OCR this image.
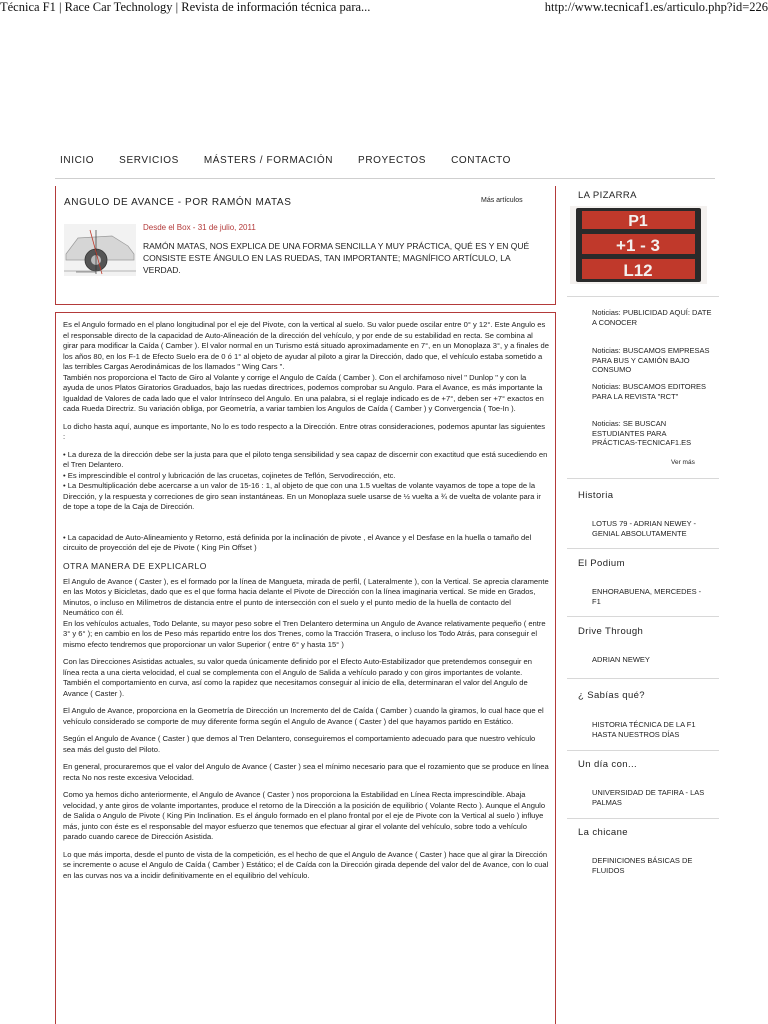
Técnica F1 | Race Car Technology | Revista de información técnica para...	http://www.tecnicaf1.es/articulo.php?id=226
INICIO	SERVICIOS	MÁSTERS / FORMACIÓN	PROYECTOS	CONTACTO
ANGULO DE AVANCE - POR RAMÓN MATAS	Más artículos
Desde el Box - 31 de julio, 2011
RAMÓN MATAS, NOS EXPLICA DE UNA FORMA SENCILLA Y MUY PRÁCTICA, QUÉ ES Y EN QUÉ CONSISTE ESTE ÁNGULO EN LAS RUEDAS, TAN IMPORTANTE; MAGNÍFICO ARTÍCULO, LA VERDAD.

Es el Angulo formado en el plano longitudinal por el eje del Pivote, con la vertical al suelo. Su valor puede oscilar entre 0° y 12°. Este Angulo es el responsable directo de la capacidad de Auto-Alineación de la dirección del vehículo, y por ende de su estabilidad en recta. Se combina al girar para modificar la Caída ( Camber ). El valor normal en un Turismo está situado aproximadamente en 7°, en un Monoplaza 3°, y a finales de los años 80, en los F-1 de Efecto Suelo era de 0 ó 1° al objeto de ayudar al piloto a girar la Dirección, dado que, el vehículo estaba sometido a las terribles Cargas Aerodinámicas de los llamados " Wing Cars ".

También nos proporciona el Tacto de Giro al Volante y corrige el Angulo de Caída ( Camber ). Con el archifamoso nivel " Dunlop " y con la ayuda de unos Platos Giratorios Graduados, bajo las ruedas directrices, podemos comprobar su Angulo. Para el Avance, es más importante la Igualdad de Valores de cada lado que el valor Intrínseco del Angulo. En una palabra, si el reglaje indicado es de +7°, deben ser +7° exactos en cada Rueda Directriz. Su variación obliga, por Geometría, a variar tambien los Angulos de Caída ( Camber ) y Convergencia ( Toe-In ).

Lo dicho hasta aquí, aunque es importante, No lo es todo respecto a la Dirección. Entre otras consideraciones, podemos apuntar las siguientes :

• La dureza de la dirección debe ser la justa para que el piloto tenga sensibilidad y sea capaz de discernir con exactitud que está sucediendo en el Tren Delantero.

• Es imprescindible el control y lubricación de las crucetas, cojinetes de Teflón, Servodirección, etc.

• La Desmultiplicación debe acercarse a un valor de 15-16 : 1, al objeto de que con una 1.5 vueltas de volante vayamos de tope a tope de la Dirección, y la respuesta y correciones de giro sean instantáneas. En un Monoplaza suele usarse de ½ vuelta a ¾ de vuelta de volante para ir de tope a tope de la Caja de Dirección.

• La capacidad de Auto-Alineamiento y Retorno, está definida por la inclinación de pivote , el Avance y el Desfase en la huella o tamaño del circuito de proyección del eje de Pivote ( King Pin Offset )

OTRA MANERA DE EXPLICARLO

El Angulo de Avance ( Caster ), es el formado por la línea de Mangueta, mirada de perfil, ( Lateralmente ), con la Vertical. Se aprecia claramente en las Motos y Bicicletas, dado que es el que forma hacia delante el Pivote de Dirección con la línea imaginaria vertical. Se mide en Grados, Minutos, o incluso en Milímetros de distancia entre el punto de intersección con el suelo y el punto medio de la huella de contacto del Neumático con él.

En los vehículos actuales, Todo Delante, su mayor peso sobre el Tren Delantero determina un Angulo de Avance relativamente pequeño ( entre 3° y 6° ); en cambio en los de Peso más repartido entre los dos Trenes, como la Tracción Trasera, o incluso los Todo Atrás, para conseguir el mismo efecto tendremos que proporcionar un valor Superior ( entre 6° y hasta 15° )

Con las Direcciones Asistidas actuales, su valor queda únicamente definido por el Efecto Auto-Estabilizador que pretendemos conseguir en línea recta a una cierta velocidad, el cual se complementa con el Angulo de Salida a vehículo parado y con giros importantes de volante. También el comportamiento en curva, así como la rapidez que necesitamos conseguir al inicio de ella, determinaran el valor del Angulo de Avance ( Caster ).

El Angulo de Avance, proporciona en la Geometría de Dirección un Incremento del de Caída ( Camber ) cuando la giramos, lo cual hace que el vehículo considerado se comporte de muy diferente forma según el Angulo de Avance ( Caster ) del que hayamos partido en Estático.

Según el Angulo de Avance ( Caster ) que demos al Tren Delantero, conseguiremos el comportamiento adecuado para que nuestro vehículo sea más del gusto del Piloto.

En general, procuraremos que el valor del Angulo de Avance ( Caster ) sea el mínimo necesario para que el rozamiento que se produce en línea recta No nos reste excesiva Velocidad.

Como ya hemos dicho anteriormente, el Angulo de Avance ( Caster ) nos proporciona la Estabilidad en Línea Recta imprescindible. Abaja velocidad, y ante giros de volante importantes, produce el retorno de la Dirección a la posición de equilibrio ( Volante Recto ). Aunque el Angulo de Salida o Angulo de Pivote ( King Pin Inclination. Es el ángulo formado en el plano frontal por el eje de Pivote con la Vertical al suelo ) influye más, junto con éste es el responsable del mayor esfuerzo que tenemos que efectuar al girar el volante del vehículo, sobre todo a vehículo parado cuando carece de Dirección Asistida.

Lo que más importa, desde el punto de vista de la competición, es el hecho de que el Angulo de Avance ( Caster ) hace que al girar la Dirección se incremente o acuse el Angulo de Caída ( Camber ) Estático; el de Caída con la Dirección girada depende del valor del de Avance, con lo cual en las curvas nos va a incidir definitivamente en el equilibrio del vehículo.

LA PIZARRA
P1
+1 - 3
L12
Noticias: PUBLICIDAD AQUÍ: DATE A CONOCER
Noticias: BUSCAMOS EMPRESAS PARA BUS Y CAMIÓN BAJO CONSUMO
Noticias: BUSCAMOS EDITORES PARA LA REVISTA "RCT"
Noticias: SE BUSCAN ESTUDIANTES PARA PRÁCTICAS-TECNICAF1.ES
Ver más
Historia
LOTUS 79 - ADRIAN NEWEY - GENIAL ABSOLUTAMENTE
El Podium
ENHORABUENA, MERCEDES - F1
Drive Through
ADRIAN NEWEY
¿ Sabías qué?
HISTORIA TÉCNICA DE LA F1 HASTA NUESTROS DÍAS
Un día con...
UNIVERSIDAD DE TAFIRA - LAS PALMAS
La chicane
DEFINICIONES BÁSICAS DE FLUIDOS
